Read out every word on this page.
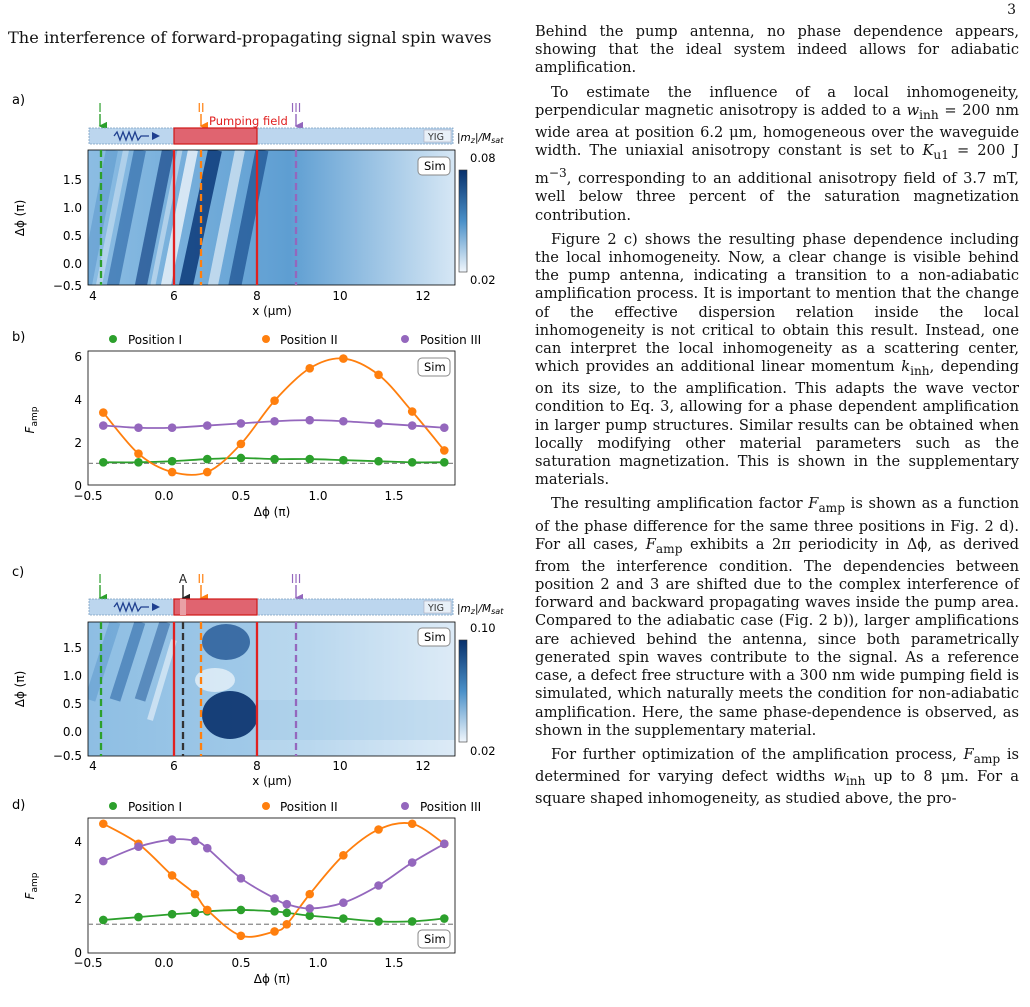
3
The interference of forward-propagating signal spin waves
a)	I	II	III
Pumping field
YIG |mz|/Msat
Sim
0.08
0.02
1.5
1.0
0.5
0.0
−0.5
4	6	8	10	12
x (μm)
Δϕ (π)
b)	Position I	Position II	Position III
Sim
6
4
2
0
−0.5	0.0	0.5	1.0	1.5
Δϕ (π)
$F_{amp}$
c)	I	A II	III
YIG |mz|/Msat
Sim
0.10
0.02
1.5
1.0
0.5
0.0
−0.5
4	6	8	10	12
x (μm)
Δϕ (π)
d)	Position I	Position II	Position III
Sim
4
2
0
−0.5	0.0	0.5	1.0	1.5
Δϕ (π)
$F_{amp}$

Behind the pump antenna, no phase dependence appears, showing that the ideal system indeed allows for adiabatic amplification.

To estimate the influence of a local inhomogeneity, perpendicular magnetic anisotropy is added to a $w_{inh} = 200$ nm wide area at position 6.2 μm, homogeneous over the waveguide width. The uniaxial anisotropy constant is set to $K_{u1} = 200$ J $m^{-3}$, corresponding to an additional anisotropy field of 3.7 mT, well below three percent of the saturation magnetization contribution.

Figure 2 c) shows the resulting phase dependence including the local inhomogeneity. Now, a clear change is visible behind the pump antenna, indicating a transition to a non-adiabatic amplification process. It is important to mention that the change of the effective dispersion relation inside the local inhomogeneity is not critical to obtain this result. Instead, one can interpret the local inhomogeneity as a scattering center, which provides an additional linear momentum $k_{inh}$, depending on its size, to the amplification. This adapts the wave vector condition to Eq. 3, allowing for a phase dependent amplification in larger pump structures. Similar results can be obtained when locally modifying other material parameters such as the saturation magnetization. This is shown in the supplementary materials.

The resulting amplification factor $F_{amp}$ is shown as a function of the phase difference for the same three positions in Fig. 2 d). For all cases, $F_{amp}$ exhibits a 2π periodicity in Δϕ, as derived from the interference condition. The dependencies between position 2 and 3 are shifted due to the complex interference of forward and backward propagating waves inside the pump area. Compared to the adiabatic case (Fig. 2 b)), larger amplifications are achieved behind the antenna, since both parametrically generated spin waves contribute to the signal. As a reference case, a defect free structure with a 300 nm wide pumping field is simulated, which naturally meets the condition for non-adiabatic amplification. Here, the same phase-dependence is observed, as shown in the supplementary material.

For further optimization of the amplification process, $F_{amp}$ is determined for varying defect widths $w_{inh}$ up to 8 μm. For a square shaped inhomogeneity, as studied above, the pro-
